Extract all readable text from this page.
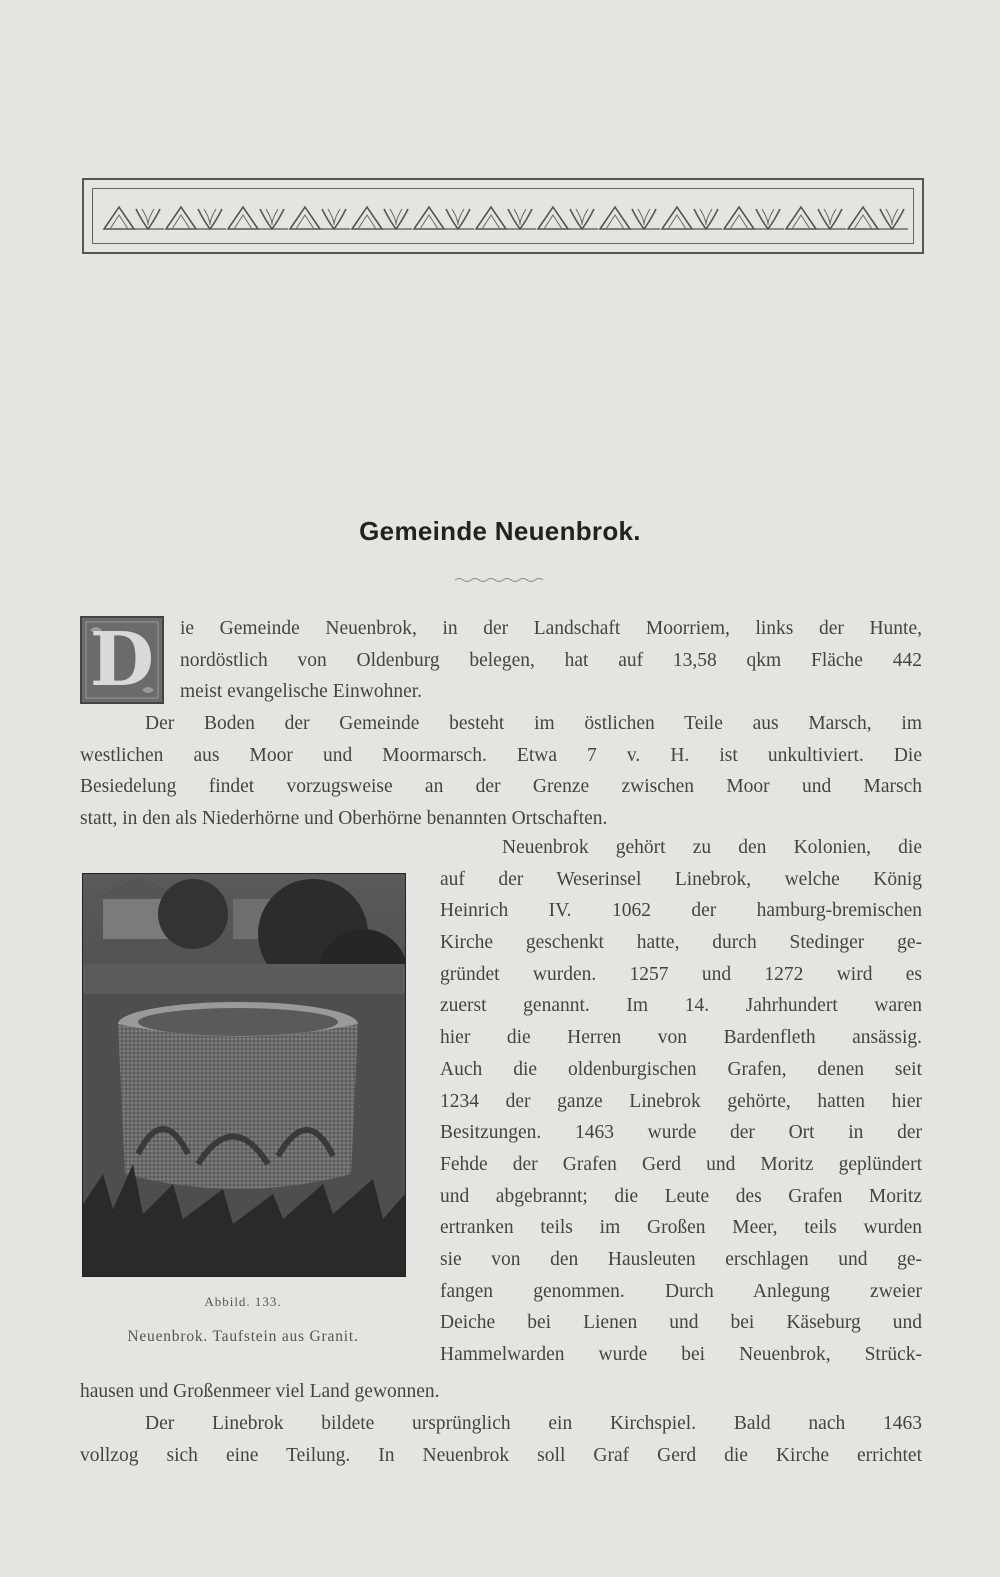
Gemeinde Neuenbrok.
D	ie Gemeinde Neuenbrok, in der Landschaft Moorriem, links der Hunte,
nordöstlich von Oldenburg belegen, hat auf 13,58 qkm Fläche 442
meist evangelische Einwohner.
Der Boden der Gemeinde besteht im östlichen Teile aus Marsch, im
westlichen aus Moor und Moormarsch. Etwa 7 v. H. ist unkultiviert. Die
Besiedelung findet vorzugsweise an der Grenze zwischen Moor und Marsch
statt, in den als Niederhörne und Oberhörne benannten Ortschaften.
Abbild. 133.
Neuenbrok. Taufstein aus Granit.
Neuenbrok gehört zu den Kolonien, die
auf der Weserinsel Linebrok, welche König
Heinrich IV. 1062 der hamburg-bremischen
Kirche geschenkt hatte, durch Stedinger ge-
gründet wurden. 1257 und 1272 wird es
zuerst genannt. Im 14. Jahrhundert waren
hier die Herren von Bardenfleth ansässig.
Auch die oldenburgischen Grafen, denen seit
1234 der ganze Linebrok gehörte, hatten hier
Besitzungen. 1463 wurde der Ort in der
Fehde der Grafen Gerd und Moritz geplündert
und abgebrannt; die Leute des Grafen Moritz
ertranken teils im Großen Meer, teils wurden
sie von den Hausleuten erschlagen und ge-
fangen genommen. Durch Anlegung zweier
Deiche bei Lienen und bei Käseburg und
Hammelwarden wurde bei Neuenbrok, Strück-
hausen und Großenmeer viel Land gewonnen.
Der Linebrok bildete ursprünglich ein Kirchspiel. Bald nach 1463
vollzog sich eine Teilung. In Neuenbrok soll Graf Gerd die Kirche errichtet
